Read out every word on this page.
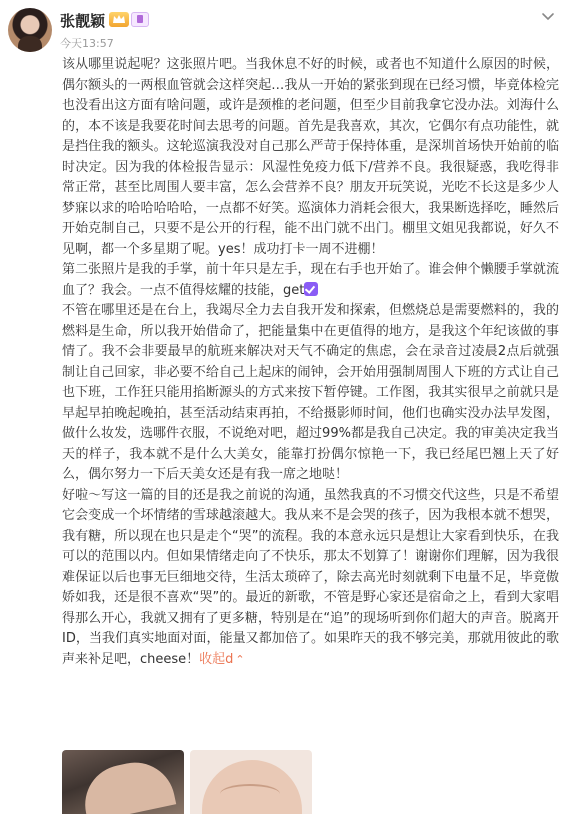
张靓颖
今天13:57

该从哪里说起呢？这张照片吧。当我休息不好的时候，或者也不知道什么原因的时候，偶尔额头的一两根血管就会这样突起…我从一开始的紧张到现在已经习惯，毕竟体检完也没看出这方面有啥问题，或许是颈椎的老问题，但至少目前我拿它没办法。刘海什么的，本不该是我要花时间去思考的问题。首先是我喜欢，其次，它偶尔有点功能性，就是挡住我的额头。这轮巡演我没对自己那么严苛于保持体重，是深圳首场快开始前的临时决定。因为我的体检报告显示：风湿性免疫力低下/营养不良。我很疑惑，我吃得非常正常，甚至比周围人要丰富，怎么会营养不良？朋友开玩笑说，光吃不长这是多少人梦寐以求的哈哈哈哈哈，一点都不好笑。巡演体力消耗会很大，我果断选择吃，睡然后开始克制自己，只要不是公开的行程，能不出门就不出门。棚里文姐见我都说，好久不见啊，都一个多星期了呢。yes！成功打卡一周不进棚！

第二张照片是我的手掌，前十年只是左手，现在右手也开始了。谁会伸个懒腰手掌就流血了？我会。一点不值得炫耀的技能，get

不管在哪里还是在台上，我竭尽全力去自我开发和探索，但燃烧总是需要燃料的，我的燃料是生命，所以我开始借命了，把能量集中在更值得的地方，是我这个年纪该做的事情了。我不会非要最早的航班来解决对天气不确定的焦虑，会在录音过凌晨2点后就强制让自己回家，非必要不给自己上起床的闹钟，会开始用强制周围人下班的方式让自己也下班，工作狂只能用掐断源头的方式来按下暂停键。工作图，我其实很早之前就只是早起早拍晚起晚拍，甚至活动结束再拍，不给摄影师时间，他们也确实没办法早发图，做什么妆发，选哪件衣服，不说绝对吧，超过99%都是我自己决定。我的审美决定我当天的样子，我本就不是什么大美女，能靠打扮偶尔惊艳一下，我已经尾巴翘上天了好么，偶尔努力一下后天美女还是有我一席之地哒！

好啦～写这一篇的目的还是我之前说的沟通，虽然我真的不习惯交代这些，只是不希望它会变成一个坏情绪的雪球越滚越大。我从来不是会哭的孩子，因为我根本就不想哭，我有糖，所以现在也只是走个“哭”的流程。我的本意永远只是想让大家看到快乐，在我可以的范围以内。但如果情绪走向了不快乐，那太不划算了！谢谢你们理解，因为我很难保证以后也事无巨细地交待，生活太琐碎了，除去高光时刻就剩下电量不足，毕竟傲娇如我，还是很不喜欢“哭”的。最近的新歌，不管是野心家还是宿命之上，看到大家唱得那么开心，我就又拥有了更多糖，特别是在“追”的现场听到你们超大的声音。脱离开ID，当我们真实地面对面，能量又都加倍了。如果昨天的我不够完美，那就用彼此的歌声来补足吧，cheese！收起d ⌃
